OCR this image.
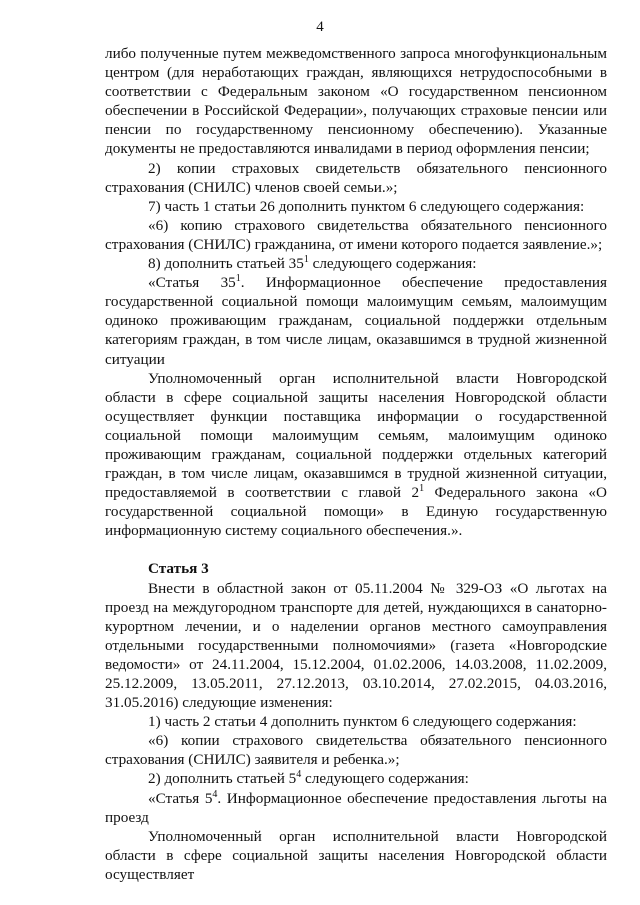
4

либо полученные путем межведомственного запроса многофункциональным центром (для неработающих граждан, являющихся нетрудоспособными в соответствии с Федеральным законом «О государственном пенсионном обеспечении в Российской Федерации», получающих страховые пенсии или пенсии по государственному пенсионному обеспечению). Указанные документы не предоставляются инвалидами в период оформления пенсии;

2) копии страховых свидетельств обязательного пенсионного страхования (СНИЛС) членов своей семьи.»;

7) часть 1 статьи 26 дополнить пунктом 6 следующего содержания:

«6) копию страхового свидетельства обязательного пенсионного страхования (СНИЛС) гражданина, от имени которого подается заявление.»;

8) дополнить статьей $35^1$ следующего содержания:

«Статья $35^1$. Информационное обеспечение предоставления государственной социальной помощи малоимущим семьям, малоимущим одиноко проживающим гражданам, социальной поддержки отдельным категориям граждан, в том числе лицам, оказавшимся в трудной жизненной ситуации

Уполномоченный орган исполнительной власти Новгородской области в сфере социальной защиты населения Новгородской области осуществляет функции поставщика информации о государственной социальной помощи малоимущим семьям, малоимущим одиноко проживающим гражданам, социальной поддержки отдельных категорий граждан, в том числе лицам, оказавшимся в трудной жизненной ситуации, предоставляемой в соответствии с главой $2^1$ Федерального закона «О государственной социальной помощи» в Единую государственную информационную систему социального обеспечения.».

Статья 3

Внести в областной закон от 05.11.2004 № 329-ОЗ «О льготах на проезд на междугородном транспорте для детей, нуждающихся в санаторно-курортном лечении, и о наделении органов местного самоуправления отдельными государственными полномочиями» (газета «Новгородские ведомости» от 24.11.2004, 15.12.2004, 01.02.2006, 14.03.2008, 11.02.2009, 25.12.2009, 13.05.2011, 27.12.2013, 03.10.2014, 27.02.2015, 04.03.2016, 31.05.2016) следующие изменения:

1) часть 2 статьи 4 дополнить пунктом 6 следующего содержания:

«6) копии страхового свидетельства обязательного пенсионного страхования (СНИЛС) заявителя и ребенка.»;

2) дополнить статьей $5^4$ следующего содержания:

«Статья $5^4$. Информационное обеспечение предоставления льготы на проезд

Уполномоченный орган исполнительной власти Новгородской области в сфере социальной защиты населения Новгородской области осуществляет
